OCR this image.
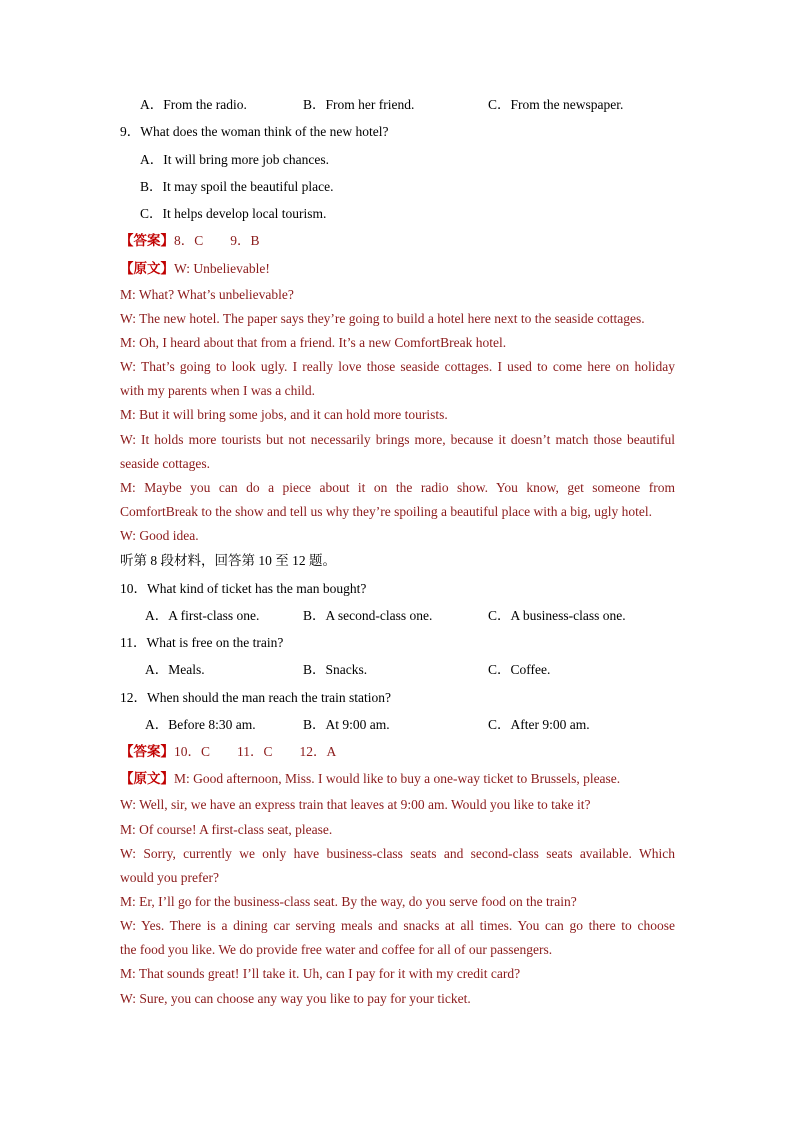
A．From the radio.	B．From her friend.	C．From the newspaper.
9．What does the woman think of the new hotel?
A．It will bring more job chances.
B．It may spoil the beautiful place.
C．It helps develop local tourism.
【答案】8．C　　9．B
【原文】W: Unbelievable!
M: What? What’s unbelievable?
W: The new hotel. The paper says they’re going to build a hotel here next to the seaside cottages.
M: Oh, I heard about that from a friend. It’s a new ComfortBreak hotel.
W: That’s going to look ugly. I really love those seaside cottages. I used to come here on holiday
with my parents when I was a child.
M: But it will bring some jobs, and it can hold more tourists.
W: It holds more tourists but not necessarily brings more, because it doesn’t match those beautiful
seaside cottages.
M: Maybe you can do a piece about it on the radio show. You know, get someone from
ComfortBreak to the show and tell us why they’re spoiling a beautiful place with a big, ugly hotel.
W: Good idea.
听第 8 段材料，回答第 10 至 12 题。
10．What kind of ticket has the man bought?
A．A first-class one.	B．A second-class one.	C．A business-class one.
11．What is free on the train?
A．Meals.	B．Snacks.	C．Coffee.
12．When should the man reach the train station?
A．Before 8:30 am.	B．At 9:00 am.	C．After 9:00 am.
【答案】10．C　　11．C　　12．A
【原文】M: Good afternoon, Miss. I would like to buy a one-way ticket to Brussels, please.
W: Well, sir, we have an express train that leaves at 9:00 am. Would you like to take it?
M: Of course! A first-class seat, please.
W: Sorry, currently we only have business-class seats and second-class seats available. Which
would you prefer?
M: Er, I’ll go for the business-class seat. By the way, do you serve food on the train?
W: Yes. There is a dining car serving meals and snacks at all times. You can go there to choose
the food you like. We do provide free water and coffee for all of our passengers.
M: That sounds great! I’ll take it. Uh, can I pay for it with my credit card?
W: Sure, you can choose any way you like to pay for your ticket.
